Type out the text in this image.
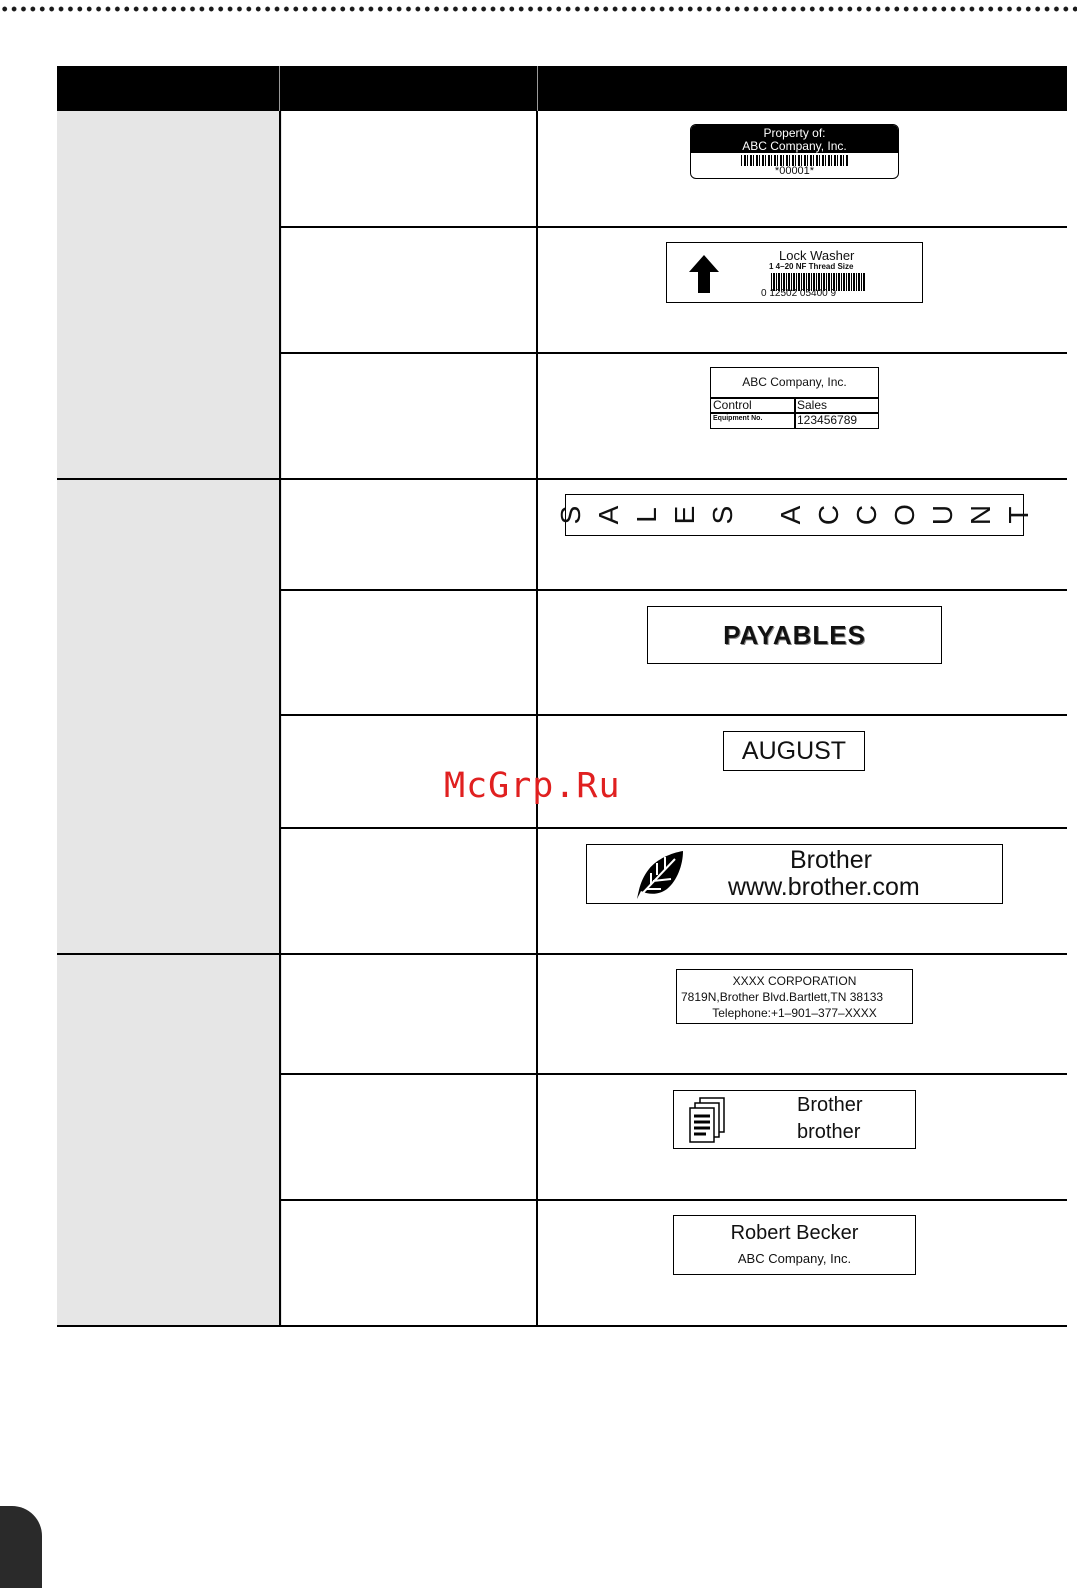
Property of:
ABC Company, Inc.
*00001*
Lock Washer
1 4–20 NF Thread Size
0 12502 05400 9
ABC Company, Inc.
Control	Sales
Equipment No.	123456789
S A L E S A C C O U N T
PAYABLES
AUGUST
Brother
www.brother.com
XXXX CORPORATION
7819N,Brother Blvd.Bartlett,TN 38133
Telephone:+1–901–377–XXXX
Brother
brother
Robert Becker
ABC Company, Inc.
McGrp.Ru
